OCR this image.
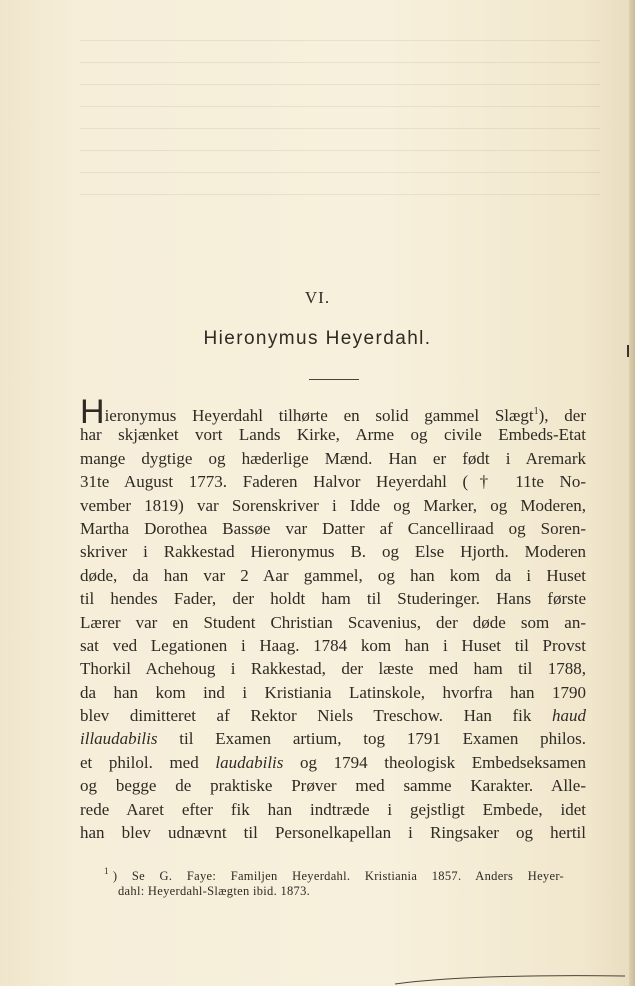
VI.
Hieronymus Heyerdahl.
Hieronymus Heyerdahl tilhørte en solid gammel Slægt$^1$), der
har skjænket vort Lands Kirke, Arme og civile Embeds-Etat
mange dygtige og hæderlige Mænd. Han er født i Aremark
31te August 1773. Faderen Halvor Heyerdahl († 11te No-
vember 1819) var Sorenskriver i Idde og Marker, og Moderen,
Martha Dorothea Bassøe var Datter af Cancelliraad og Soren-
skriver i Rakkestad Hieronymus B. og Else Hjorth. Moderen
døde, da han var 2 Aar gammel, og han kom da i Huset
til hendes Fader, der holdt ham til Studeringer. Hans første
Lærer var en Student Christian Scavenius, der døde som an-
sat ved Legationen i Haag. 1784 kom han i Huset til Provst
Thorkil Achehoug i Rakkestad, der læste med ham til 1788,
da han kom ind i Kristiania Latinskole, hvorfra han 1790
blev dimitteret af Rektor Niels Treschow. Han fik haud
illaudabilis til Examen artium, tog 1791 Examen philos.
et philol. med laudabilis og 1794 theologisk Embedseksamen
og begge de praktiske Prøver med samme Karakter. Alle-
rede Aaret efter fik han indtræde i gejstligt Embede, idet
han blev udnævnt til Personelkapellan i Ringsaker og hertil
$^1$ ) Se G. Faye: Familjen Heyerdahl. Kristiania 1857. Anders Heyer-
dahl: Heyerdahl-Slægten ibid. 1873.
